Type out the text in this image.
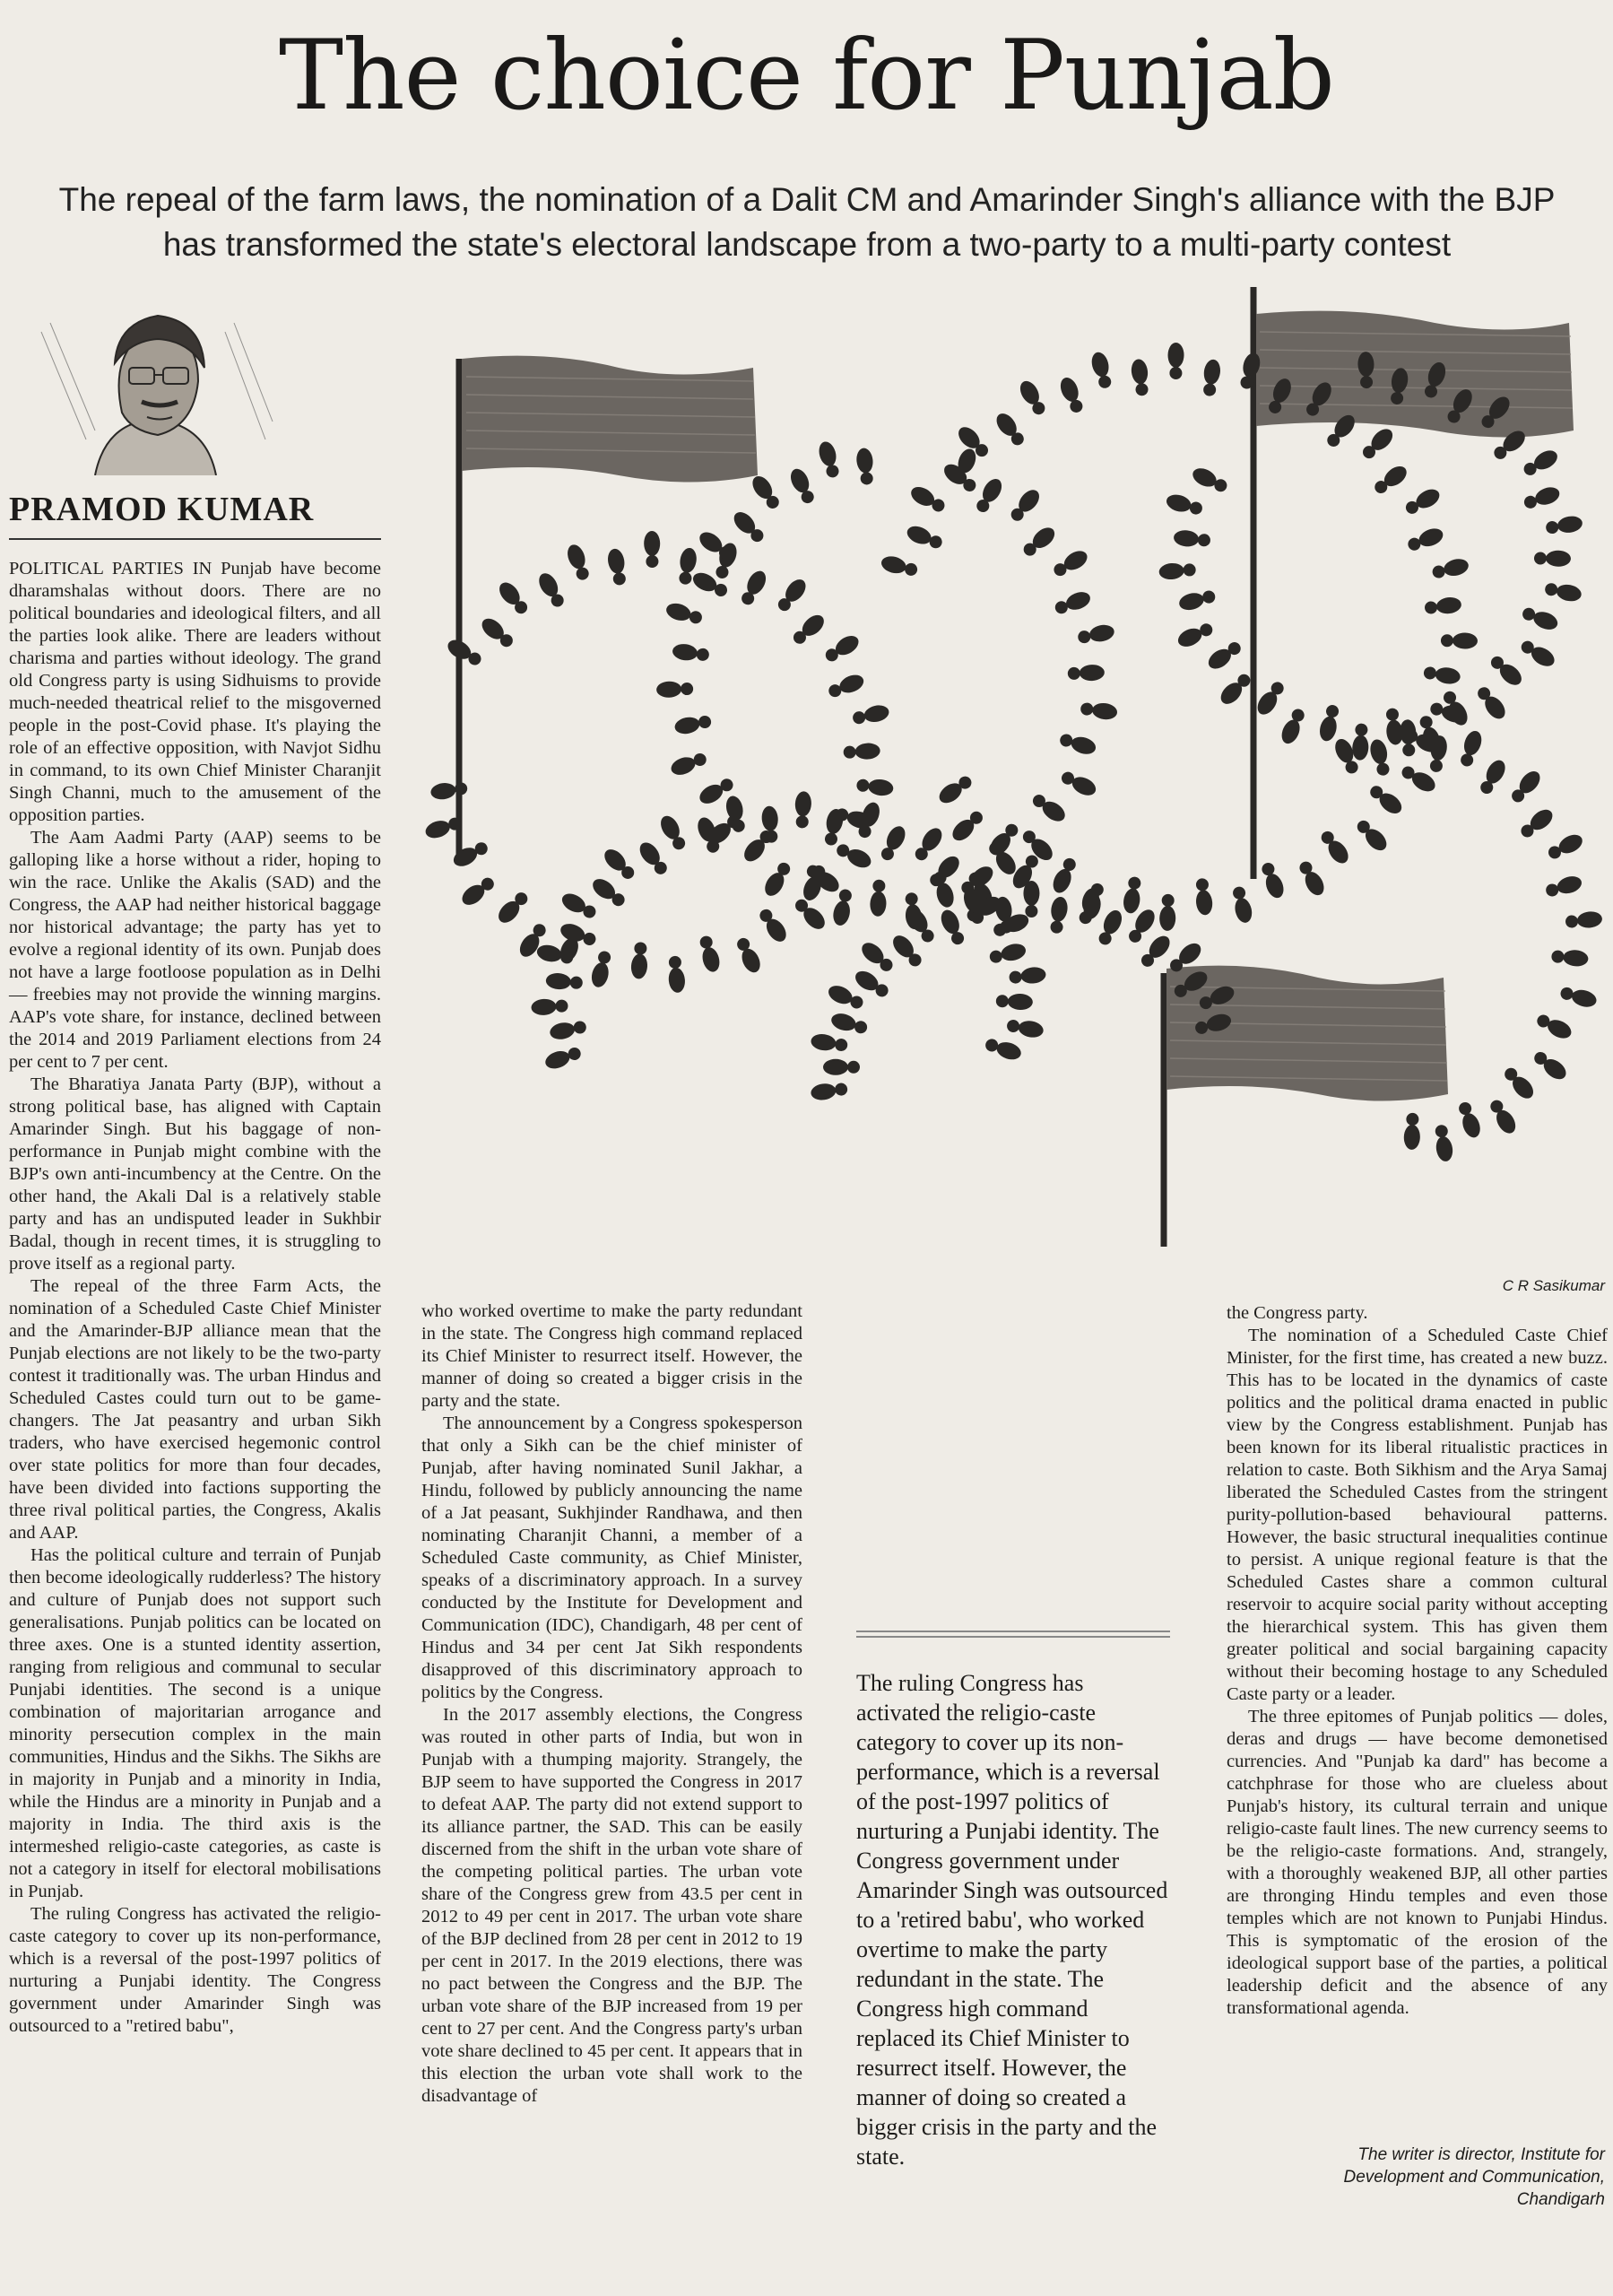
The choice for Punjab

The repeal of the farm laws, the nomination of a Dalit CM and Amarinder Singh's alliance with the BJP has transformed the state's electoral landscape from a two-party to a multi-party contest

PRAMOD KUMAR
C R Sasikumar

POLITICAL PARTIES IN Punjab have become dharamshalas without doors. There are no political boundaries and ideological filters, and all the parties look alike. There are leaders without charisma and parties without ideology. The grand old Congress party is using Sidhuisms to provide much-needed theatrical relief to the misgoverned people in the post-Covid phase. It's playing the role of an effective opposition, with Navjot Sidhu in command, to its own Chief Minister Charanjit Singh Channi, much to the amusement of the opposition parties.

The Aam Aadmi Party (AAP) seems to be galloping like a horse without a rider, hoping to win the race. Unlike the Akalis (SAD) and the Congress, the AAP had neither historical baggage nor historical advantage; the party has yet to evolve a regional identity of its own. Punjab does not have a large footloose population as in Delhi — freebies may not provide the winning margins. AAP's vote share, for instance, declined between the 2014 and 2019 Parliament elections from 24 per cent to 7 per cent.

The Bharatiya Janata Party (BJP), without a strong political base, has aligned with Captain Amarinder Singh. But his baggage of non-performance in Punjab might combine with the BJP's own anti-incumbency at the Centre. On the other hand, the Akali Dal is a relatively stable party and has an undisputed leader in Sukhbir Badal, though in recent times, it is struggling to prove itself as a regional party.

The repeal of the three Farm Acts, the nomination of a Scheduled Caste Chief Minister and the Amarinder-BJP alliance mean that the Punjab elections are not likely to be the two-party contest it traditionally was. The urban Hindus and Scheduled Castes could turn out to be game-changers. The Jat peasantry and urban Sikh traders, who have exercised hegemonic control over state politics for more than four decades, have been divided into factions supporting the three rival political parties, the Congress, Akalis and AAP.

Has the political culture and terrain of Punjab then become ideologically rudderless? The history and culture of Punjab does not support such generalisations. Punjab politics can be located on three axes. One is a stunted identity assertion, ranging from religious and communal to secular Punjabi identities. The second is a unique combination of majoritarian arrogance and minority persecution complex in the main communities, Hindus and the Sikhs. The Sikhs are in majority in Punjab and a minority in India, while the Hindus are a minority in Punjab and a majority in India. The third axis is the intermeshed religio-caste categories, as caste is not a category in itself for electoral mobilisations in Punjab.

The ruling Congress has activated the religio-caste category to cover up its non-performance, which is a reversal of the post-1997 politics of nurturing a Punjabi identity. The Congress government under Amarinder Singh was outsourced to a "retired babu",

who worked overtime to make the party redundant in the state. The Congress high command replaced its Chief Minister to resurrect itself. However, the manner of doing so created a bigger crisis in the party and the state.

The announcement by a Congress spokesperson that only a Sikh can be the chief minister of Punjab, after having nominated Sunil Jakhar, a Hindu, followed by publicly announcing the name of a Jat peasant, Sukhjinder Randhawa, and then nominating Charanjit Channi, a member of a Scheduled Caste community, as Chief Minister, speaks of a discriminatory approach. In a survey conducted by the Institute for Development and Communication (IDC), Chandigarh, 48 per cent of Hindus and 34 per cent Jat Sikh respondents disapproved of this discriminatory approach to politics by the Congress.

In the 2017 assembly elections, the Congress was routed in other parts of India, but won in Punjab with a thumping majority. Strangely, the BJP seem to have supported the Congress in 2017 to defeat AAP. The party did not extend support to its alliance partner, the SAD. This can be easily discerned from the shift in the urban vote share of the competing political parties. The urban vote share of the Congress grew from 43.5 per cent in 2012 to 49 per cent in 2017. The urban vote share of the BJP declined from 28 per cent in 2012 to 19 per cent in 2017. In the 2019 elections, there was no pact between the Congress and the BJP. The urban vote share of the BJP increased from 19 per cent to 27 per cent. And the Congress party's urban vote share declined to 45 per cent. It appears that in this election the urban vote shall work to the disadvantage of

The ruling Congress has activated the religio-caste category to cover up its non-performance, which is a reversal of the post-1997 politics of nurturing a Punjabi identity. The Congress government under Amarinder Singh was outsourced to a 'retired babu', who worked overtime to make the party redundant in the state. The Congress high command replaced its Chief Minister to resurrect itself. However, the manner of doing so created a bigger crisis in the party and the state.

the Congress party.

The nomination of a Scheduled Caste Chief Minister, for the first time, has created a new buzz. This has to be located in the dynamics of caste politics and the political drama enacted in public view by the Congress establishment. Punjab has been known for its liberal ritualistic practices in relation to caste. Both Sikhism and the Arya Samaj liberated the Scheduled Castes from the stringent purity-pollution-based behavioural patterns. However, the basic structural inequalities continue to persist. A unique regional feature is that the Scheduled Castes share a common cultural reservoir to acquire social parity without accepting the hierarchical system. This has given them greater political and social bargaining capacity without their becoming hostage to any Scheduled Caste party or a leader.

The three epitomes of Punjab politics — doles, deras and drugs — have become demonetised currencies. And "Punjab ka dard" has become a catchphrase for those who are clueless about Punjab's history, its cultural terrain and unique religio-caste fault lines. The new currency seems to be the religio-caste formations. And, strangely, with a thoroughly weakened BJP, all other parties are thronging Hindu temples and even those temples which are not known to Punjabi Hindus. This is symptomatic of the erosion of the ideological support base of the parties, a political leadership deficit and the absence of any transformational agenda.

The writer is director, Institute for Development and Communication, Chandigarh
